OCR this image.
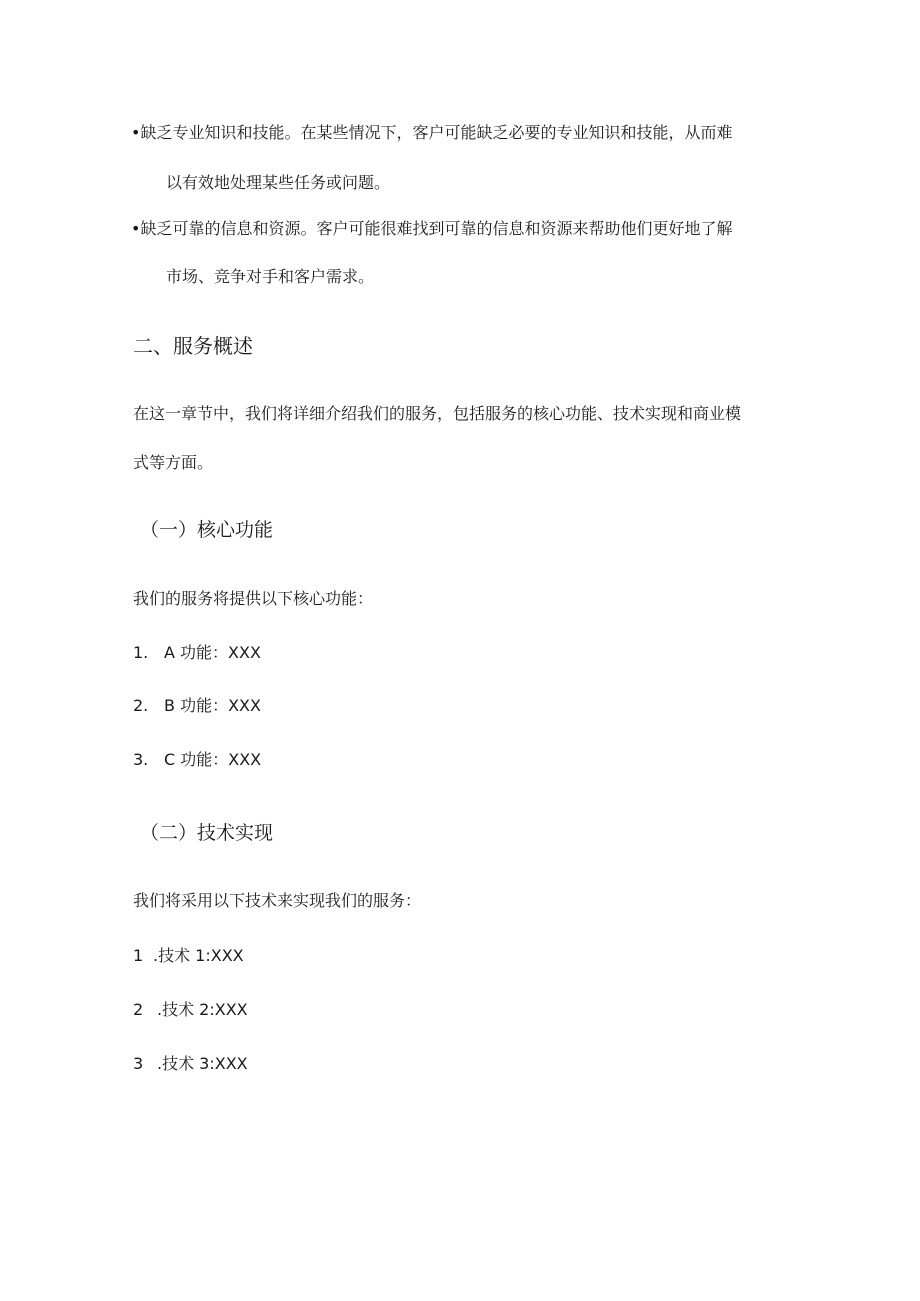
•缺乏专业知识和技能。在某些情况下，客户可能缺乏必要的专业知识和技能，从而难
以有效地处理某些任务或问题。
•缺乏可靠的信息和资源。客户可能很难找到可靠的信息和资源来帮助他们更好地了解
市场、竞争对手和客户需求。
二、服务概述
在这一章节中，我们将详细介绍我们的服务，包括服务的核心功能、技术实现和商业模
式等方面。
（一）核心功能
我们的服务将提供以下核心功能：
1. A 功能：XXX
2. B 功能：XXX
3. C 功能：XXX
（二）技术实现
我们将采用以下技术来实现我们的服务：
1 .技术 1:XXX
2 .技术 2:XXX
3 .技术 3:XXX
